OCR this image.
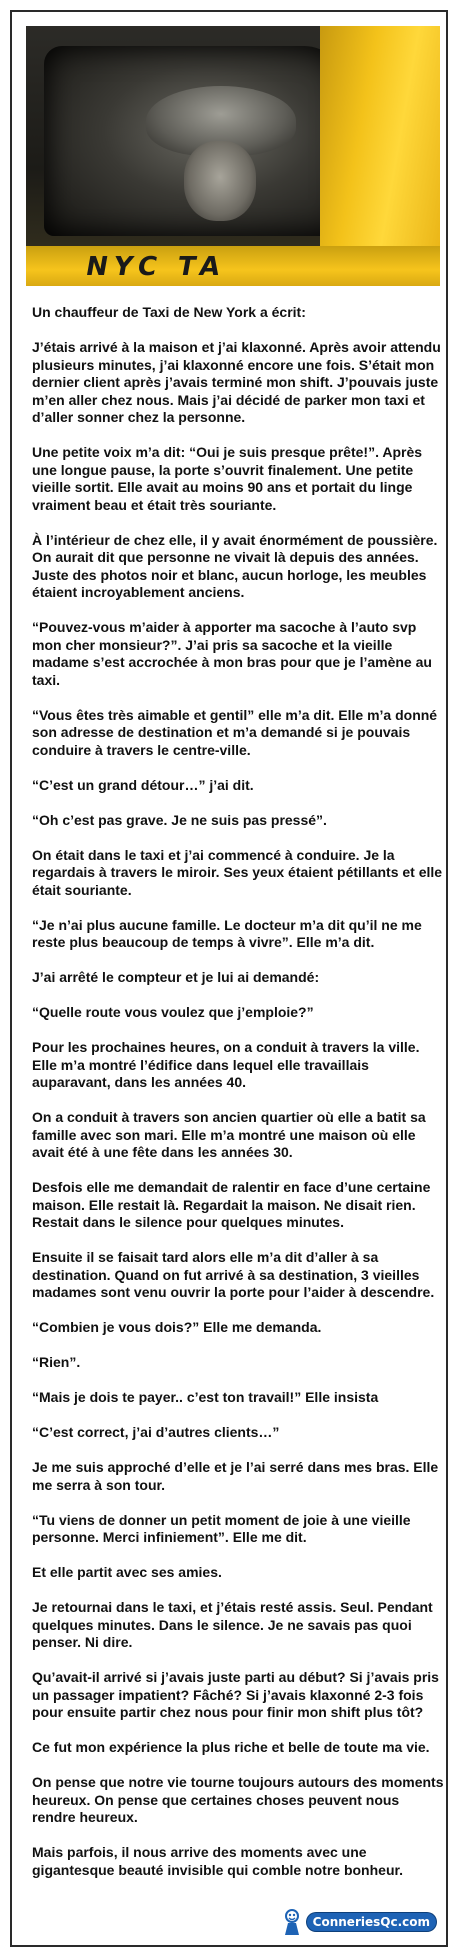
NYC TA

Un chauffeur de Taxi de New York a écrit:

J’étais arrivé à la maison et j’ai klaxonné. Après avoir attendu plusieurs minutes, j’ai klaxonné encore une fois. S’était mon dernier client après j’avais terminé mon shift. J’pouvais juste m’en aller chez nous. Mais j’ai décidé de parker mon taxi et d’aller sonner chez la personne.

Une petite voix m’a dit: “Oui je suis presque prête!”. Après une longue pause, la porte s’ouvrit finalement. Une petite vieille sortit. Elle avait au moins 90 ans et portait du linge vraiment beau et était très souriante.

À l’intérieur de chez elle, il y avait énormément de poussière. On aurait dit que personne ne vivait là depuis des années. Juste des photos noir et blanc, aucun horloge, les meubles étaient incroyablement anciens.

“Pouvez-vous m’aider à apporter ma sacoche à l’auto svp mon cher monsieur?”. J’ai pris sa sacoche et la vieille madame s’est accrochée à mon bras pour que je l’amène au taxi.

“Vous êtes très aimable et gentil” elle m’a dit. Elle m’a donné son adresse de destination et m’a demandé si je pouvais conduire à travers le centre-ville.

“C’est un grand détour…” j’ai dit.

“Oh c’est pas grave. Je ne suis pas pressé”.

On était dans le taxi et j’ai commencé à conduire. Je la regardais à travers le miroir. Ses yeux étaient pétillants et elle était souriante.

“Je n’ai plus aucune famille. Le docteur m’a dit qu’il ne me reste plus beaucoup de temps à vivre”. Elle m’a dit.

J’ai arrêté le compteur et je lui ai demandé:

“Quelle route vous voulez que j’emploie?”

Pour les prochaines heures, on a conduit à travers la ville. Elle m’a montré l’édifice dans lequel elle travaillais auparavant, dans les années 40.

On a conduit à travers son ancien quartier où elle a batit sa famille avec son mari. Elle m’a montré une maison où elle avait été à une fête dans les années 30.

Desfois elle me demandait de ralentir en face d’une certaine maison. Elle restait là. Regardait la maison. Ne disait rien. Restait dans le silence pour quelques minutes.

Ensuite il se faisait tard alors elle m’a dit d’aller à sa destination. Quand on fut arrivé à sa destination, 3 vieilles madames sont venu ouvrir la porte pour l’aider à descendre.

“Combien je vous dois?” Elle me demanda.

“Rien”.

“Mais je dois te payer.. c’est ton travail!” Elle insista

“C’est correct, j’ai d’autres clients…”

Je me suis approché d’elle et je l’ai serré dans mes bras. Elle me serra à son tour.

“Tu viens de donner un petit moment de joie à une vieille personne. Merci infiniement”. Elle me dit.

Et elle partit avec ses amies.

Je retournai dans le taxi, et j’étais resté assis. Seul. Pendant quelques minutes. Dans le silence. Je ne savais pas quoi penser. Ni dire.

Qu’avait-il arrivé si j’avais juste parti au début? Si j’avais pris un passager impatient? Fâché? Si j’avais klaxonné 2-3 fois pour ensuite partir chez nous pour finir mon shift plus tôt?

Ce fut mon expérience la plus riche et belle de toute ma vie.

On pense que notre vie tourne toujours autours des moments heureux. On pense que certaines choses peuvent nous rendre heureux.

Mais parfois, il nous arrive des moments avec une gigantesque beauté invisible qui comble notre bonheur.

ConneriesQc.com
